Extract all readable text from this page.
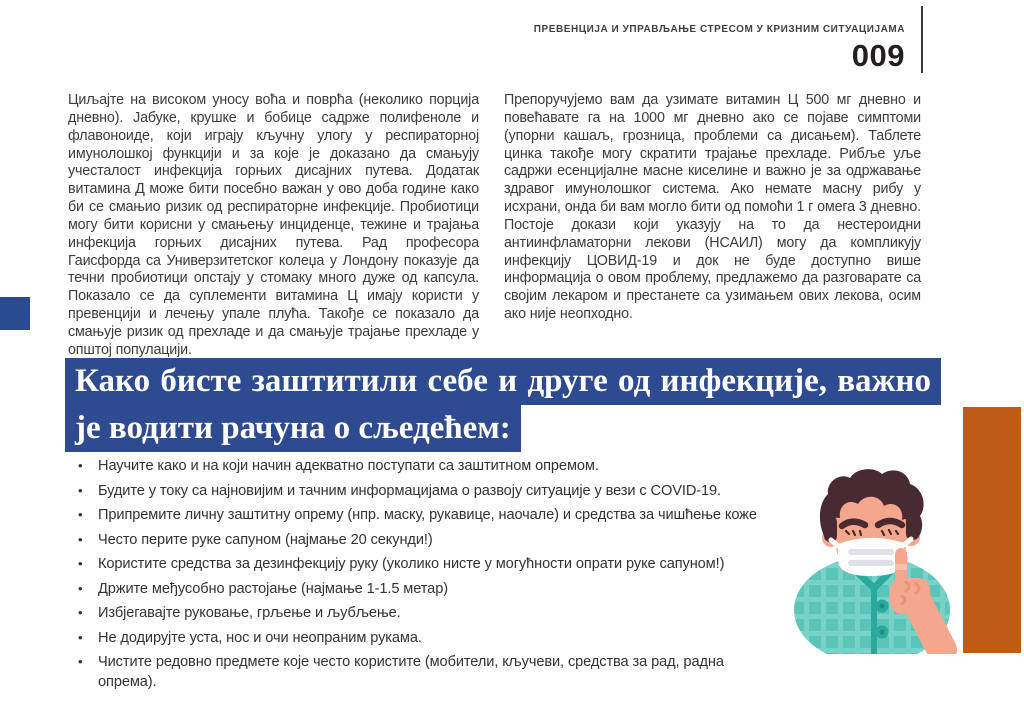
ПРЕВЕНЦИЈА И УПРАВЉАЊЕ СТРЕСОМ У КРИЗНИМ СИТУАЦИЈАМА
009

Циљајте на високом уносу воћа и поврћа (неколико порција дневно). Јабуке, крушке и бобице садрже полифеноле и флавоноиде, који играју кључну улогу у респираторној имунолошкој функцији и за које је доказано да смањују учесталост инфекција горњих дисајних путева. Додатак витамина Д може бити посебно важан у ово доба године како би се смањио ризик од респираторне инфекције. Пробиотици могу бити корисни у смањењу инциденце, тежине и трајања инфекција горњих дисајних путева. Рад професора Гаисфорда са Универзитетског колеџа у Лондону показује да течни пробиотици опстају у стомаку много дуже од капсула. Показало се да суплементи витамина Ц имају користи у превенцији и лечењу упале плућа. Такође се показало да смањује ризик од прехладе и да смањује трајање прехладе у општој популацији.

Препоручујемо вам да узимате витамин Ц 500 мг дневно и повећавате га на 1000 мг дневно ако се појаве симптоми (упорни кашаљ, грозница, проблеми са дисањем). Таблете цинка такође могу скратити трајање прехладе. Рибље уље садржи есенцијалне масне киселине и важно је за одржавање здравог имунолошког система. Ако немате масну рибу у исхрани, онда би вам могло бити од помоћи 1 г омега 3 дневно. Постоје докази који указују на то да нестероидни антиинфламаторни лекови (НСАИЛ) могу да компликују инфекцију ЦОВИД-19 и док не буде доступно више информација о овом проблему, предлажемо да разговарате са својим лекаром и престанете са узимањем ових лекова, осим ако није неопходно.

Како бисте заштитили себе и друге од инфекције, важно
је водити рачуна о сљедећем:
• Научите како и на који начин адекватно поступати са заштитном опремом.
• Будите у току са најновијим и тачним информацијама о развоју ситуације у вези с COVID-19.
• Припремите личну заштитну опрему (нпр. маску, рукавице, наочале) и средства за чишћење коже
• Често перите руке сапуном (најмање 20 секунди!)
• Користите средства за дезинфекцију руку (уколико нисте у могућности опрати руке сапуном!)
• Држите међусобно растојање (најмање 1-1.5 метар)
• Избјегавајте руковање, грљење и љубљење.
• Не додирујте уста, нос и очи неопраним рукама.
• Чистите редовно предмете које често користите (мобители, кључеви, средства за рад, радна опрема).
